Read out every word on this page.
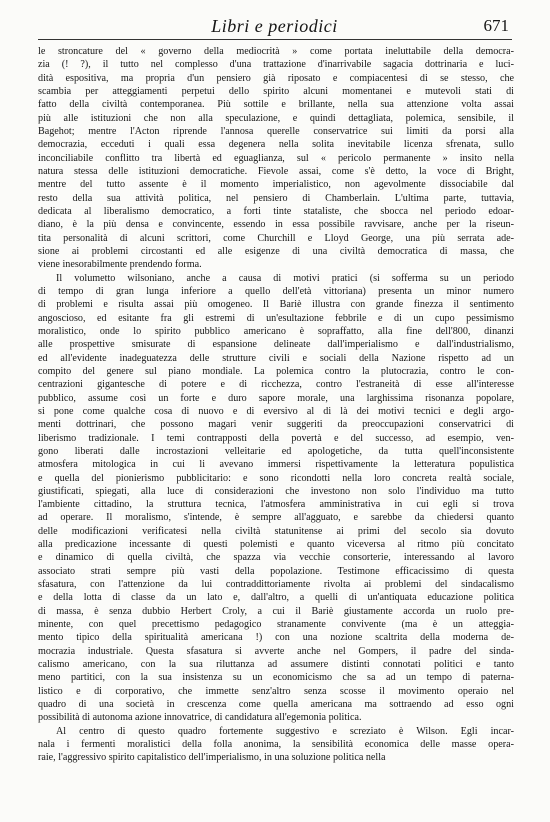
Libri e periodici	671
le stroncature del « governo della mediocrità » come portata ineluttabile della democra-
zia (! ?), il tutto nel complesso d'una trattazione d'inarrivabile sagacia dottrinaria e luci-
dità espositiva, ma propria d'un pensiero già riposato e compiacentesi di se stesso, che
scambia per atteggiamenti perpetui dello spirito alcuni momentanei e mutevoli stati di
fatto della civiltà contemporanea. Più sottile e brillante, nella sua attenzione volta assai
più alle istituzioni che non alla speculazione, e quindi dettagliata, polemica, sensibile, il
Bagehot; mentre l'Acton riprende l'annosa querelle conservatrice sui limiti da porsi alla
democrazia, ecceduti i quali essa degenera nella solita inevitabile licenza sfrenata, sullo
inconciliabile conflitto tra libertà ed eguaglianza, sul « pericolo permanente » insito nella
natura stessa delle istituzioni democratiche. Fievole assai, come s'è detto, la voce di Bright,
mentre del tutto assente è il momento imperialistico, non agevolmente dissociabile dal
resto della sua attività politica, nel pensiero di Chamberlain. L'ultima parte, tuttavia,
dedicata al liberalismo democratico, a forti tinte stataliste, che sbocca nel periodo edoar-
diano, è la più densa e convincente, essendo in essa possibile ravvisare, anche per la riseun-
tita personalità di alcuni scrittori, come Churchill e Lloyd George, una più serrata ade-
sione ai problemi circostanti ed alle esigenze di una civiltà democratica di massa, che
viene inesorabilmente prendendo forma.
Il volumetto wilsoniano, anche a causa di motivi pratici (si sofferma su un periodo
di tempo di gran lunga inferiore a quello dell'età vittoriana) presenta un minor numero
di problemi e risulta assai più omogeneo. Il Bariè illustra con grande finezza il sentimento
angoscioso, ed esitante fra gli estremi di un'esultazione febbrile e di un cupo pessimismo
moralistico, onde lo spirito pubblico americano è sopraffatto, alla fine dell'800, dinanzi
alle prospettive smisurate di espansione delineate dall'imperialismo e dall'industrialismo,
ed all'evidente inadeguatezza delle strutture civili e sociali della Nazione rispetto ad un
compito del genere sul piano mondiale. La polemica contro la plutocrazia, contro le con-
centrazioni gigantesche di potere e di ricchezza, contro l'estraneità di esse all'interesse
pubblico, assume così un forte e duro sapore morale, una larghissima risonanza popolare,
si pone come qualche cosa di nuovo e di eversivo al di là dei motivi tecnici e degli argo-
menti dottrinari, che possono magari venir suggeriti da preoccupazioni conservatrici di
liberismo tradizionale. I temi contrapposti della povertà e del successo, ad esempio, ven-
gono liberati dalle incrostazioni velleitarie ed apologetiche, da tutta quell'inconsistente
atmosfera mitologica in cui li avevano immersi rispettivamente la letteratura populistica
e quella del pionierismo pubblicitario: e sono ricondotti nella loro concreta realtà sociale,
giustificati, spiegati, alla luce di considerazioni che investono non solo l'individuo ma tutto
l'ambiente cittadino, la struttura tecnica, l'atmosfera amministrativa in cui egli si trova
ad operare. Il moralismo, s'intende, è sempre all'agguato, e sarebbe da chiedersi quanto
delle modificazioni verificatesi nella civiltà statunitense ai primi del secolo sia dovuto
alla predicazione incessante di questi polemisti e quanto viceversa al ritmo più concitato
e dinamico di quella civiltà, che spazza via vecchie consorterie, interessando al lavoro
associato strati sempre più vasti della popolazione. Testimone efficacissimo di questa
sfasatura, con l'attenzione da lui contraddittoriamente rivolta ai problemi del sindacalismo
e della lotta di classe da un lato e, dall'altro, a quelli di un'antiquata educazione politica
di massa, è senza dubbio Herbert Croly, a cui il Bariè giustamente accorda un ruolo pre-
minente, con quel precettismo pedagogico stranamente convivente (ma è un atteggia-
mento tipico della spiritualità americana !) con una nozione scaltrita della moderna de-
mocrazia industriale. Questa sfasatura si avverte anche nel Gompers, il padre del sinda-
calismo americano, con la sua riluttanza ad assumere distinti connotati politici e tanto
meno partitici, con la sua insistenza su un economicismo che sa ad un tempo di paterna-
listico e di corporativo, che immette senz'altro senza scosse il movimento operaio nel
quadro di una società in crescenza come quella americana ma sottraendo ad esso ogni
possibilità di autonoma azione innovatrice, di candidatura all'egemonia politica.
Al centro di questo quadro fortemente suggestivo e screziato è Wilson. Egli incar-
nala i fermenti moralistici della folla anonima, la sensibilità economica delle masse opera-
raie, l'aggressivo spirito capitalistico dell'imperialismo, in una soluzione politica nella
